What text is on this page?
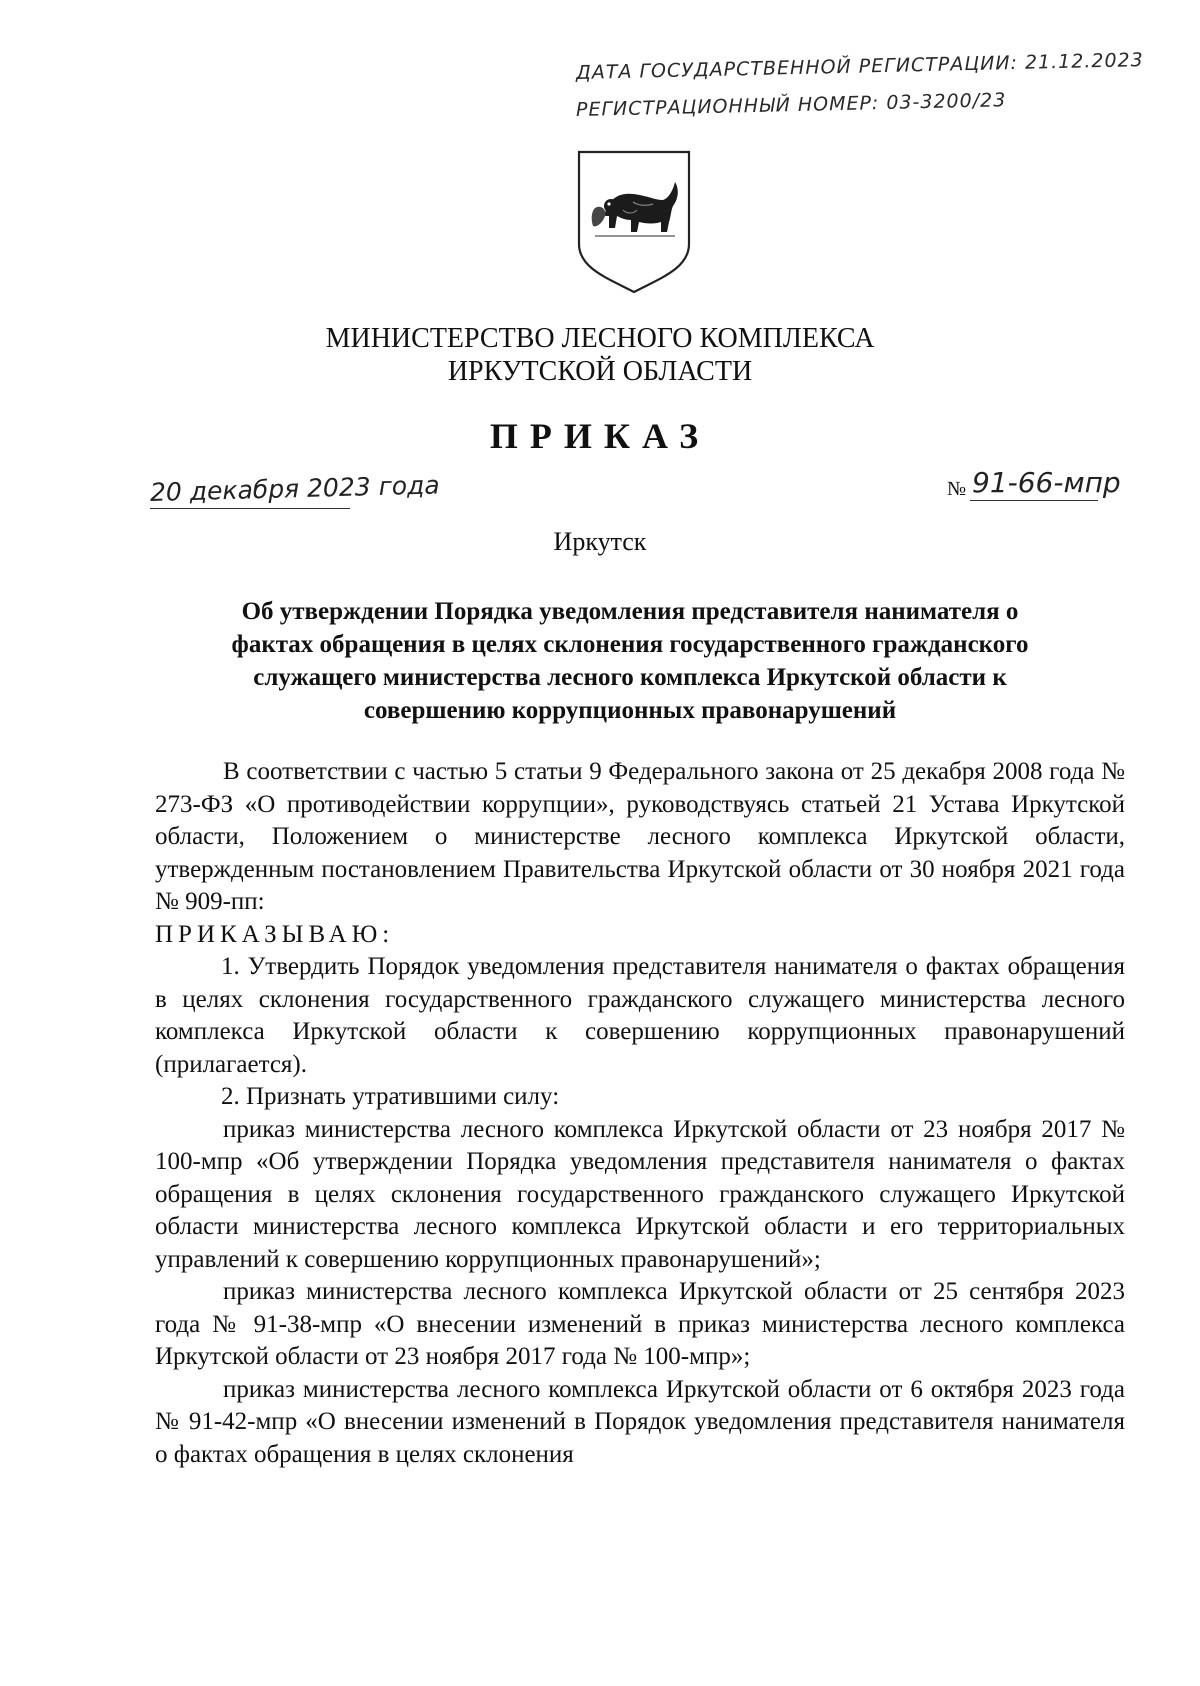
ДАТА ГОСУДАРСТВЕННОЙ РЕГИСТРАЦИИ: 21.12.2023
РЕГИСТРАЦИОННЫЙ НОМЕР: 03-3200/23
МИНИСТЕРСТВО ЛЕСНОГО КОМПЛЕКСА
ИРКУТСКОЙ ОБЛАСТИ
ПРИКАЗ
20 декабря 2023 года	№ 91-66-мпр
Иркутск
Об утверждении Порядка уведомления представителя нанимателя о
фактах обращения в целях склонения государственного гражданского
служащего министерства лесного комплекса Иркутской области к
совершению коррупционных правонарушений

В соответствии с частью 5 статьи 9 Федерального закона от 25 декабря 2008 года № 273-ФЗ «О противодействии коррупции», руководствуясь статьей 21 Устава Иркутской области, Положением о министерстве лесного комплекса Иркутской области, утвержденным постановлением Правительства Иркутской области от 30 ноября 2021 года № 909-пп:

ПРИКАЗЫВАЮ:

1. Утвердить Порядок уведомления представителя нанимателя о фактах обращения в целях склонения государственного гражданского служащего министерства лесного комплекса Иркутской области к совершению коррупционных правонарушений (прилагается).

2. Признать утратившими силу:

приказ министерства лесного комплекса Иркутской области от 23 ноября 2017 № 100-мпр «Об утверждении Порядка уведомления представителя нанимателя о фактах обращения в целях склонения государственного гражданского служащего Иркутской области министерства лесного комплекса Иркутской области и его территориальных управлений к совершению коррупционных правонарушений»;

приказ министерства лесного комплекса Иркутской области от 25 сентября 2023 года № 91-38-мпр «О внесении изменений в приказ министерства лесного комплекса Иркутской области от 23 ноября 2017 года № 100-мпр»;

приказ министерства лесного комплекса Иркутской области от 6 октября 2023 года № 91-42-мпр «О внесении изменений в Порядок уведомления представителя нанимателя о фактах обращения в целях склонения
